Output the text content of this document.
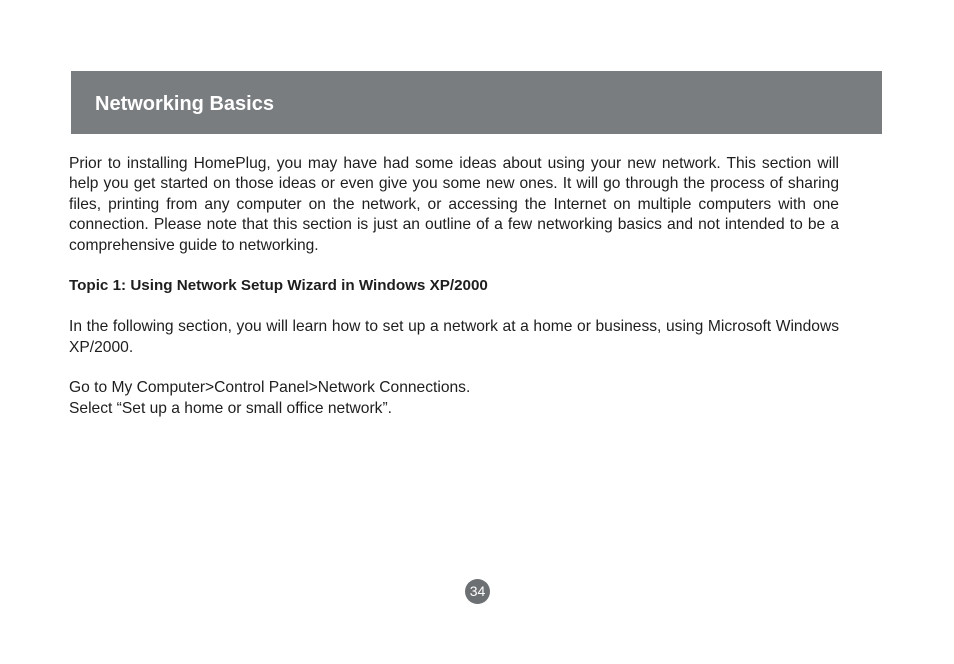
Networking Basics

Prior to installing HomePlug, you may have had some ideas about using your new network. This section will help you get started on those ideas or even give you some new ones. It will go through the process of sharing files, printing from any computer on the network, or accessing the Internet on multiple computers with one connection. Please note that this section is just an outline of a few networking basics and not intended to be a comprehensive guide to networking.

Topic 1: Using Network Setup Wizard in Windows XP/2000

In the following section, you will learn how to set up a network at a home or business, using Microsoft Windows XP/2000.

Go to My Computer>Control Panel>Network Connections.

Select “Set up a home or small office network”.

34
